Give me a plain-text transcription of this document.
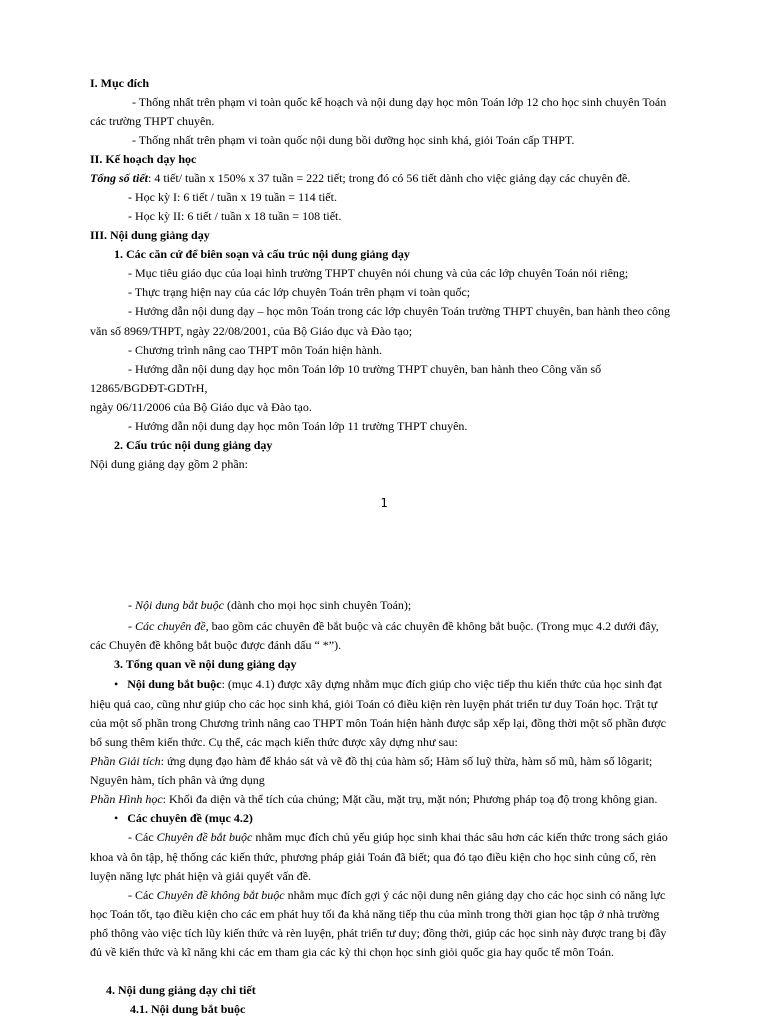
I. Mục đích
- Thống nhất trên phạm vi toàn quốc kế hoạch và nội dung dạy học môn Toán lớp 12 cho học sinh chuyên Toán
các trường THPT chuyên.
- Thống nhất trên phạm vi toàn quốc nội dung bồi dưỡng học sinh khá, giỏi Toán cấp THPT.
II. Kế hoạch dạy học
Tổng số tiết: 4 tiết/ tuần x 150% x 37 tuần = 222 tiết; trong đó có 56 tiết dành cho việc giảng dạy các chuyên đề.
- Học kỳ I: 6 tiết / tuần x 19 tuần = 114 tiết.
- Học kỳ II: 6 tiết / tuần x 18 tuần = 108 tiết.
III. Nội dung giảng dạy
1. Các căn cứ để biên soạn và cấu trúc nội dung giảng dạy
- Mục tiêu giáo dục của loại hình trường THPT chuyên nói chung và của các lớp chuyên Toán nói riêng;
- Thực trạng hiện nay của các lớp chuyên Toán trên phạm vi toàn quốc;
- Hướng dẫn nội dung dạy – học môn Toán trong các lớp chuyên Toán trường THPT chuyên, ban hành theo công
văn số 8969/THPT, ngày 22/08/2001, của Bộ Giáo dục và Đào tạo;
- Chương trình nâng cao THPT môn Toán hiện hành.
- Hướng dẫn nội dung dạy học môn Toán lớp 10 trường THPT chuyên, ban hành theo Công văn số
12865/BGDĐT-GDTrH,
ngày 06/11/2006 của Bộ Giáo dục và Đào tạo.
- Hướng dẫn nội dung dạy học môn Toán lớp 11 trường THPT chuyên.
2. Cấu trúc nội dung giảng dạy
Nội dung giảng dạy gồm 2 phần:
1
- Nội dung bắt buộc (dành cho mọi học sinh chuyên Toán);
- Các chuyên đề, bao gồm các chuyên đề bắt buộc và các chuyên đề không bắt buộc. (Trong mục 4.2 dưới đây,
các Chuyên đề không bắt buộc được đánh dấu “ *”).
3. Tổng quan về nội dung giảng dạy
• Nội dung bắt buộc: (mục 4.1) được xây dựng nhằm mục đích giúp cho việc tiếp thu kiến thức của học sinh đạt
hiệu quả cao, cũng như giúp cho các học sinh khá, giỏi Toán có điều kiện rèn luyện phát triển tư duy Toán học. Trật tự
của một số phần trong Chương trình nâng cao THPT môn Toán hiện hành được sắp xếp lại, đồng thời một số phần được
bổ sung thêm kiến thức. Cụ thể, các mạch kiến thức được xây dựng như sau:
Phần Giải tích: ứng dụng đạo hàm để khảo sát và vẽ đồ thị của hàm số; Hàm số luỹ thừa, hàm số mũ, hàm số lôgarit;
Nguyên hàm, tích phân và ứng dụng
Phần Hình học: Khối đa diện và thể tích của chúng; Mặt cầu, mặt trụ, mặt nón; Phương pháp toạ độ trong không gian.
• Các chuyên đề (mục 4.2)
- Các Chuyên đề bắt buộc nhằm mục đích chủ yếu giúp học sinh khai thác sâu hơn các kiến thức trong sách giáo
khoa và ôn tập, hệ thống các kiến thức, phương pháp giải Toán đã biết; qua đó tạo điều kiện cho học sinh củng cố, rèn
luyện năng lực phát hiện và giải quyết vấn đề.
- Các Chuyên đề không bắt buộc nhằm mục đích gợi ý các nội dung nên giảng dạy cho các học sinh có năng lực
học Toán tốt, tạo điều kiện cho các em phát huy tối đa khả năng tiếp thu của mình trong thời gian học tập ở nhà trường
phổ thông vào việc tích lũy kiến thức và rèn luyện, phát triển tư duy; đồng thời, giúp các học sinh này được trang bị đầy
đủ về kiến thức và kĩ năng khi các em tham gia các kỳ thi chọn học sinh giỏi quốc gia hay quốc tế môn Toán.
4. Nội dung giảng dạy chi tiết
4.1. Nội dung bắt buộc
